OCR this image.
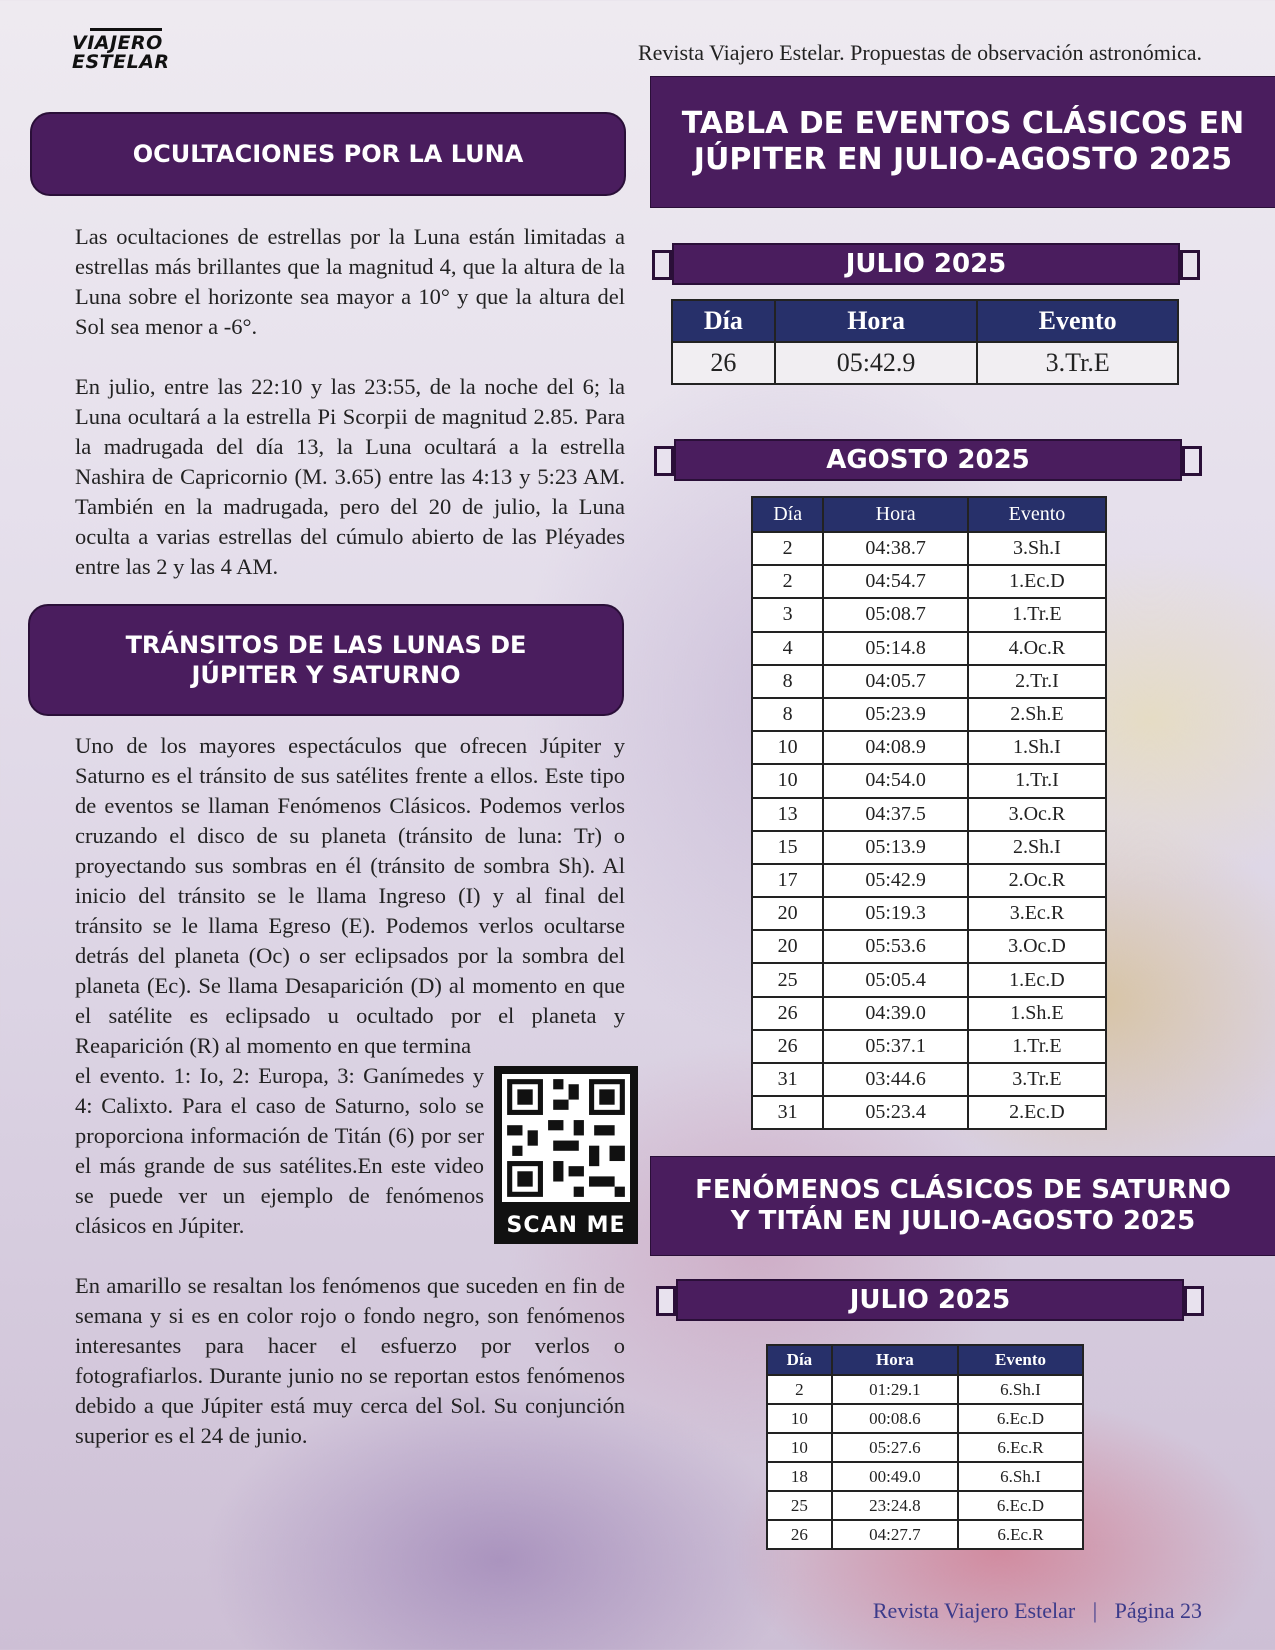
VIAJERO
ESTELAR	Revista Viajero Estelar. Propuestas de observación astronómica.
OCULTACIONES POR LA LUNA
Las ocultaciones de estrellas por la Luna están limitadas a estrellas más brillantes que la magnitud 4, que la altura de la Luna sobre el horizonte sea mayor a 10° y que la altura del Sol sea menor a -6°.
En julio, entre las 22:10 y las 23:55, de la noche del 6; la Luna ocultará a la estrella Pi Scorpii de magnitud 2.85. Para la madrugada del día 13, la Luna ocultará a la estrella Nashira de Capricornio (M. 3.65) entre las 4:13 y 5:23 AM. También en la madrugada, pero del 20 de julio, la Luna oculta a varias estrellas del cúmulo abierto de las Pléyades entre las 2 y las 4 AM.
TRÁNSITOS DE LAS LUNAS DE
JÚPITER Y SATURNO
Uno de los mayores espectáculos que ofrecen Júpiter y Saturno es el tránsito de sus satélites frente a ellos. Este tipo de eventos se llaman Fenómenos Clásicos. Podemos verlos cruzando el disco de su planeta (tránsito de luna: Tr) o proyectando sus sombras en él (tránsito de sombra Sh). Al inicio del tránsito se le llama Ingreso (I) y al final del tránsito se le llama Egreso (E). Podemos verlos ocultarse detrás del planeta (Oc) o ser eclipsados por la sombra del planeta (Ec). Se llama Desaparición (D) al momento en que el satélite es eclipsado u ocultado por el planeta y Reaparición (R) al momento en que termina
el evento. 1: Io, 2: Europa, 3: Ganímedes y 4: Calixto. Para el caso de Saturno, solo se proporciona información de Titán (6) por ser el más grande de sus satélites.En este video se puede ver un ejemplo de fenómenos clásicos en Júpiter.	SCAN ME
En amarillo se resaltan los fenómenos que suceden en fin de semana y si es en color rojo o fondo negro, son fenómenos interesantes para hacer el esfuerzo por verlos o fotografiarlos. Durante junio no se reportan estos fenómenos debido a que Júpiter está muy cerca del Sol. Su conjunción superior es el 24 de junio.
TABLA DE EVENTOS CLÁSICOS EN
JÚPITER EN JULIO-AGOSTO 2025
JULIO 2025
Día	Hora	Evento
26	05:42.9	3.Tr.E
AGOSTO 2025
Día	Hora	Evento
2	04:38.7	3.Sh.I
2	04:54.7	1.Ec.D
3	05:08.7	1.Tr.E
4	05:14.8	4.Oc.R
8	04:05.7	2.Tr.I
8	05:23.9	2.Sh.E
10	04:08.9	1.Sh.I
10	04:54.0	1.Tr.I
13	04:37.5	3.Oc.R
15	05:13.9	2.Sh.I
17	05:42.9	2.Oc.R
20	05:19.3	3.Ec.R
20	05:53.6	3.Oc.D
25	05:05.4	1.Ec.D
26	04:39.0	1.Sh.E
26	05:37.1	1.Tr.E
31	03:44.6	3.Tr.E
31	05:23.4	2.Ec.D
FENÓMENOS CLÁSICOS DE SATURNO
Y TITÁN EN JULIO-AGOSTO 2025
JULIO 2025
Día	Hora	Evento
2	01:29.1	6.Sh.I
10	00:08.6	6.Ec.D
10	05:27.6	6.Ec.R
18	00:49.0	6.Sh.I
25	23:24.8	6.Ec.D
26	04:27.7	6.Ec.R
Revista Viajero Estelar | Página 23
